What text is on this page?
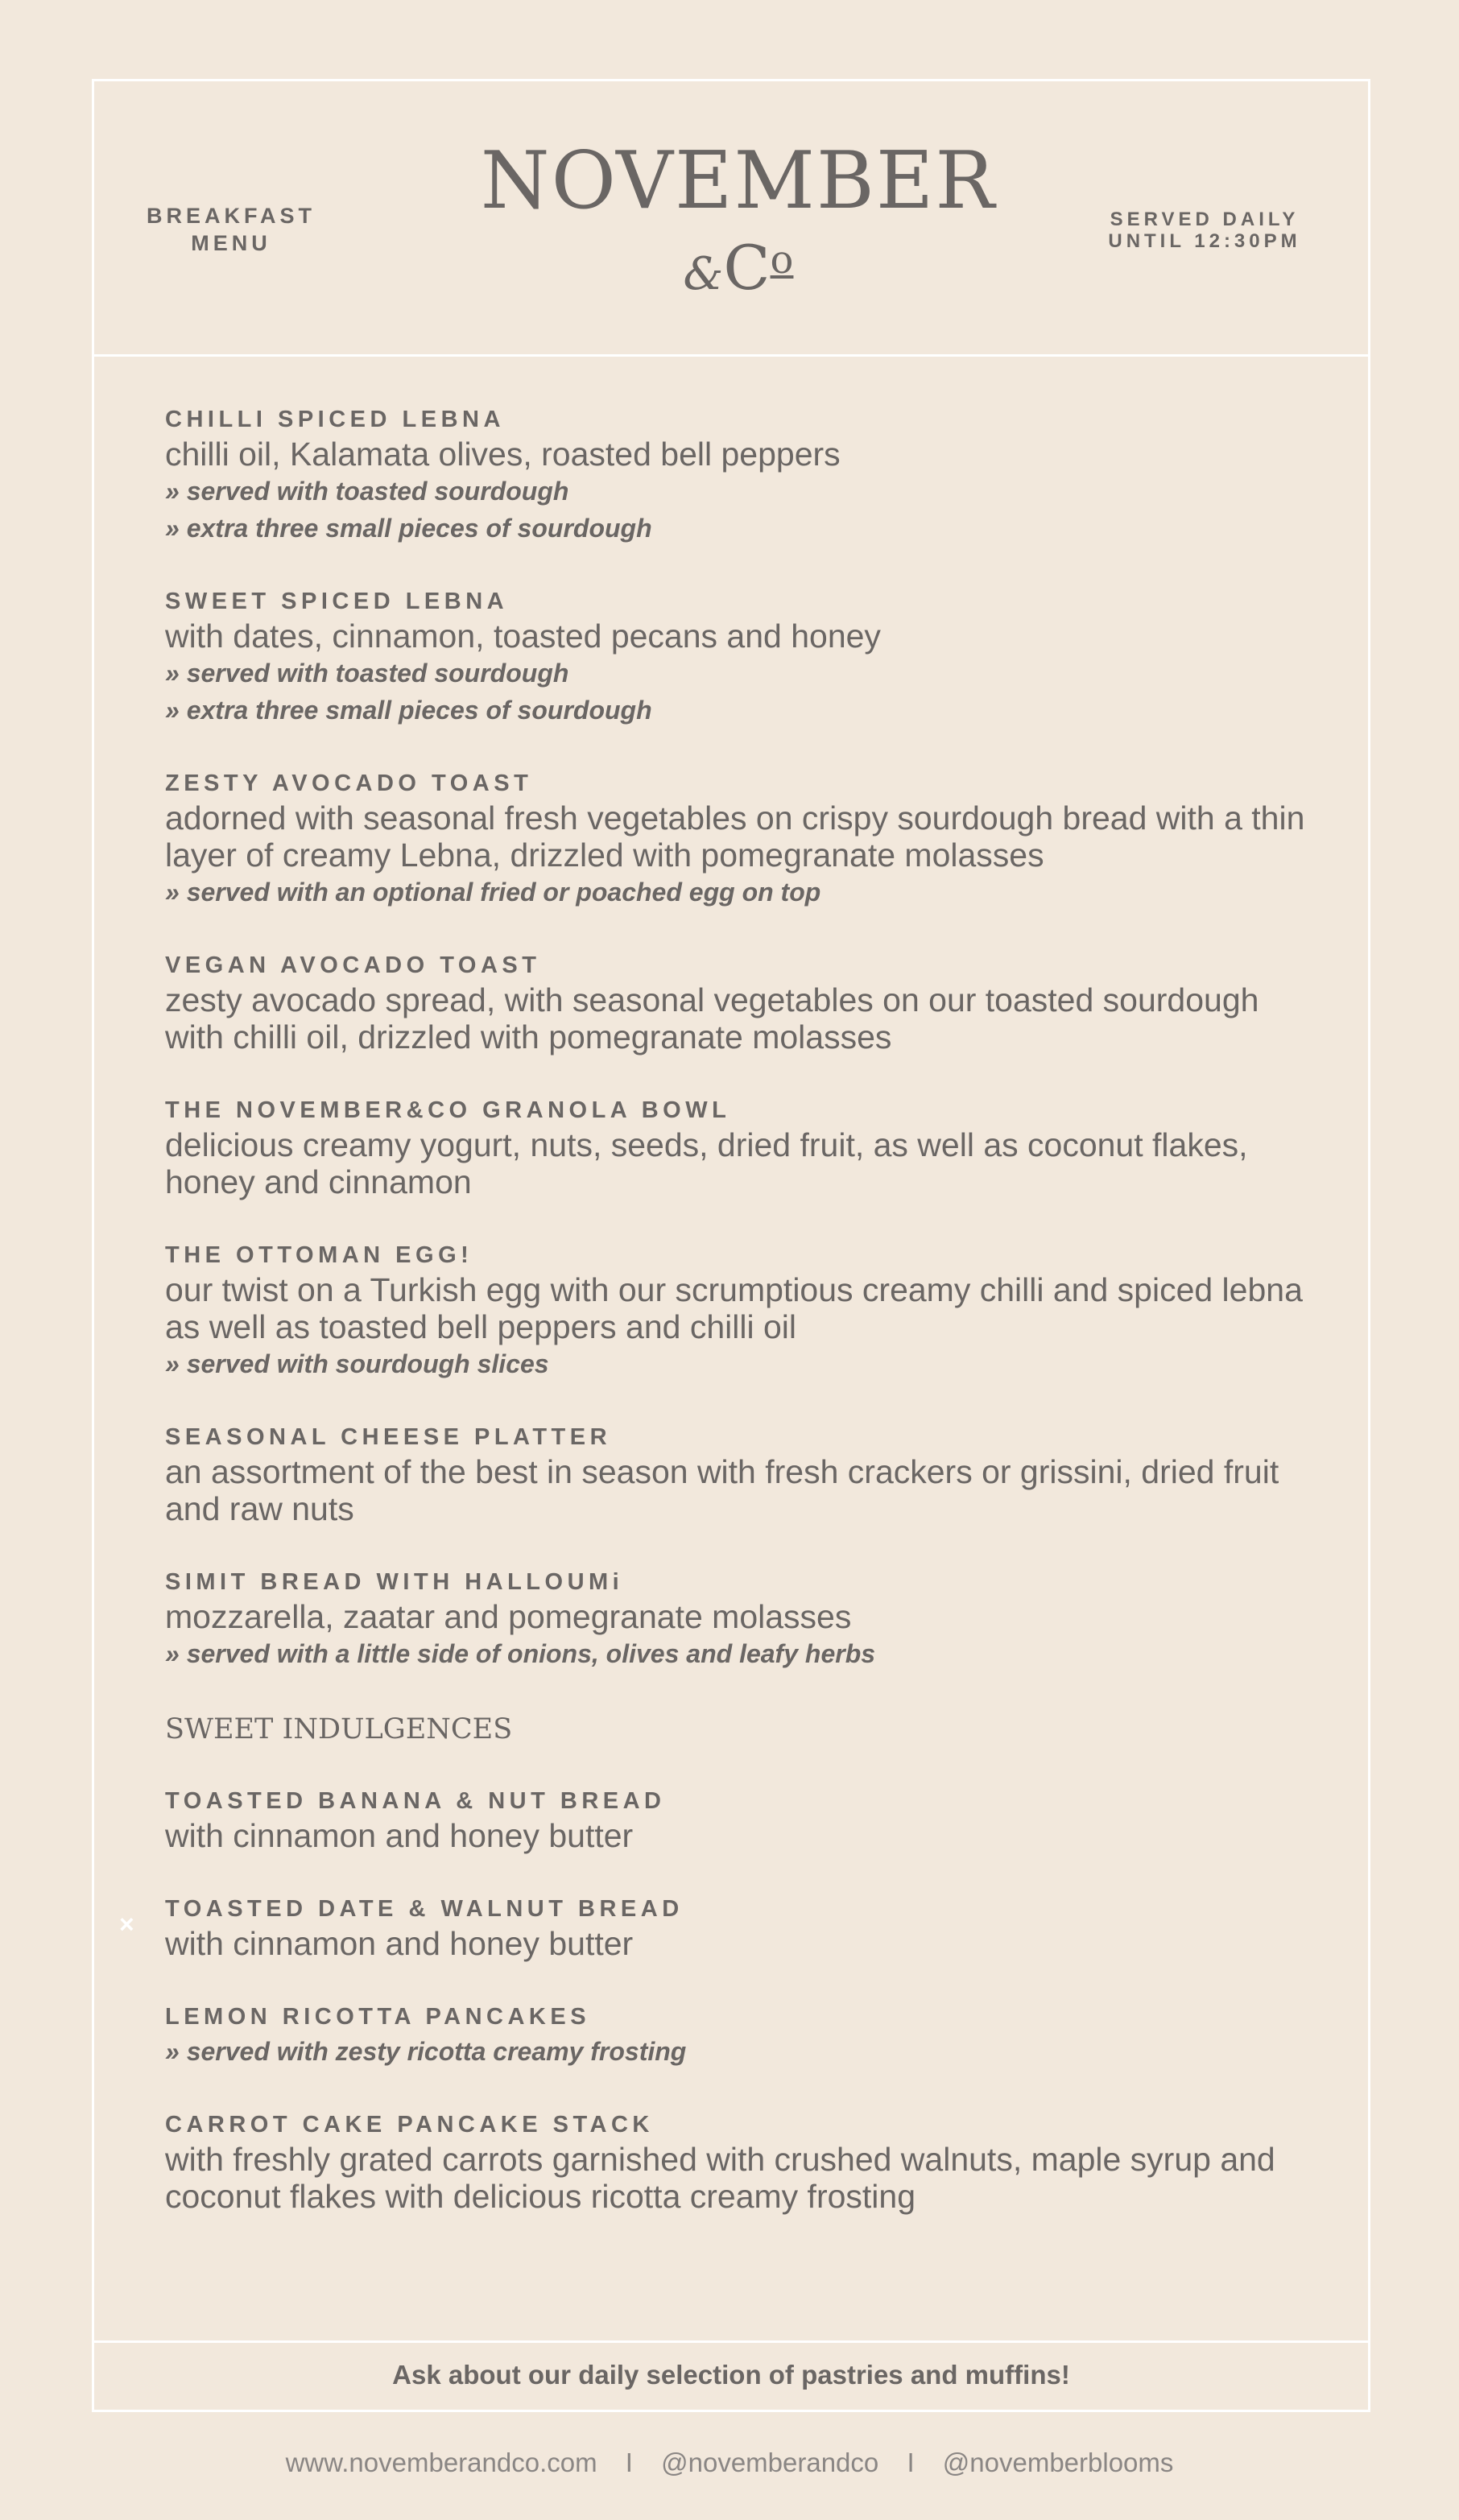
BREAKFAST
MENU
NOVEMBER
$\&C^o$
SERVED DAILY
UNTIL 12:30PM
CHILLI SPICED LEBNA
chilli oil, Kalamata olives, roasted bell peppers
» served with toasted sourdough
» extra three small pieces of sourdough
SWEET SPICED LEBNA
with dates, cinnamon, toasted pecans and honey
» served with toasted sourdough
» extra three small pieces of sourdough
ZESTY AVOCADO TOAST
adorned with seasonal fresh vegetables on crispy sourdough bread with a thin layer of creamy Lebna, drizzled with pomegranate molasses
» served with an optional fried or poached egg on top
VEGAN AVOCADO TOAST
zesty avocado spread, with seasonal vegetables on our toasted sourdough with chilli oil, drizzled with pomegranate molasses
THE NOVEMBER&CO GRANOLA BOWL
delicious creamy yogurt, nuts, seeds, dried fruit, as well as coconut flakes, honey and cinnamon
THE OTTOMAN EGG!
our twist on a Turkish egg with our scrumptious creamy chilli and spiced lebna as well as toasted bell peppers and chilli oil
» served with sourdough slices
SEASONAL CHEESE PLATTER
an assortment of the best in season with fresh crackers or grissini, dried fruit and raw nuts
SIMIT BREAD WITH HALLOUMi
mozzarella, zaatar and pomegranate molasses
» served with a little side of onions, olives and leafy herbs
SWEET INDULGENCES
TOASTED BANANA & NUT BREAD
with cinnamon and honey butter
TOASTED DATE & WALNUT BREAD
with cinnamon and honey butter
LEMON RICOTTA PANCAKES
» served with zesty ricotta creamy frosting
CARROT CAKE PANCAKE STACK
with freshly grated carrots garnished with crushed walnuts, maple syrup and coconut flakes with delicious ricotta creamy frosting
Ask about our daily selection of pastries and muffins!
×
www.novemberandco.com I @novemberandco I @novemberblooms
